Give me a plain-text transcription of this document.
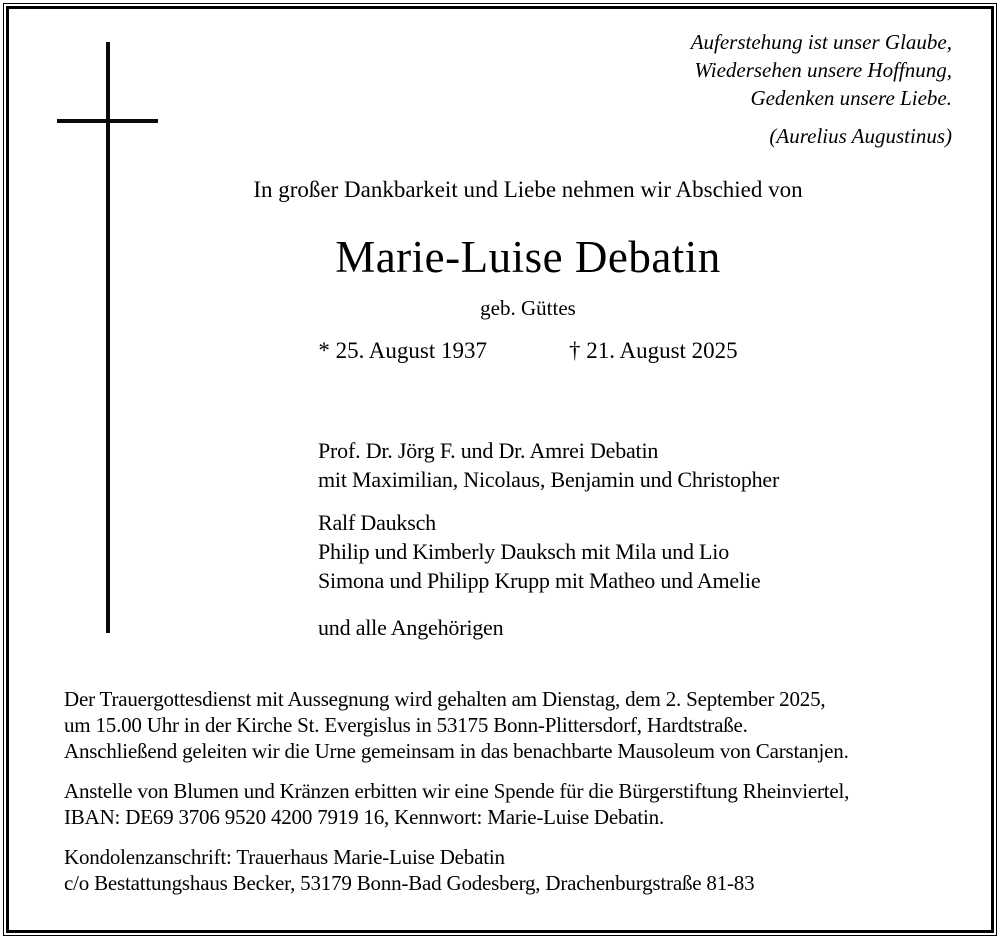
Auferstehung ist unser Glaube,
Wiedersehen unsere Hoffnung,
Gedenken unsere Liebe.
(Aurelius Augustinus)
In großer Dankbarkeit und Liebe nehmen wir Abschied von
Marie-Luise Debatin
geb. Güttes
* 25. August 1937	† 21. August 2025
Prof. Dr. Jörg F. und Dr. Amrei Debatin
mit Maximilian, Nicolaus, Benjamin und Christopher
Ralf Dauksch
Philip und Kimberly Dauksch mit Mila und Lio
Simona und Philipp Krupp mit Matheo und Amelie
und alle Angehörigen
Der Trauergottesdienst mit Aussegnung wird gehalten am Dienstag, dem 2. September 2025,
um 15.00 Uhr in der Kirche St. Evergislus in 53175 Bonn-Plittersdorf, Hardtstraße.
Anschließend geleiten wir die Urne gemeinsam in das benachbarte Mausoleum von Carstanjen.
Anstelle von Blumen und Kränzen erbitten wir eine Spende für die Bürgerstiftung Rheinviertel,
IBAN: DE69 3706 9520 4200 7919 16, Kennwort: Marie-Luise Debatin.
Kondolenzanschrift: Trauerhaus Marie-Luise Debatin
c/o Bestattungshaus Becker, 53179 Bonn-Bad Godesberg, Drachenburgstraße 81-83
